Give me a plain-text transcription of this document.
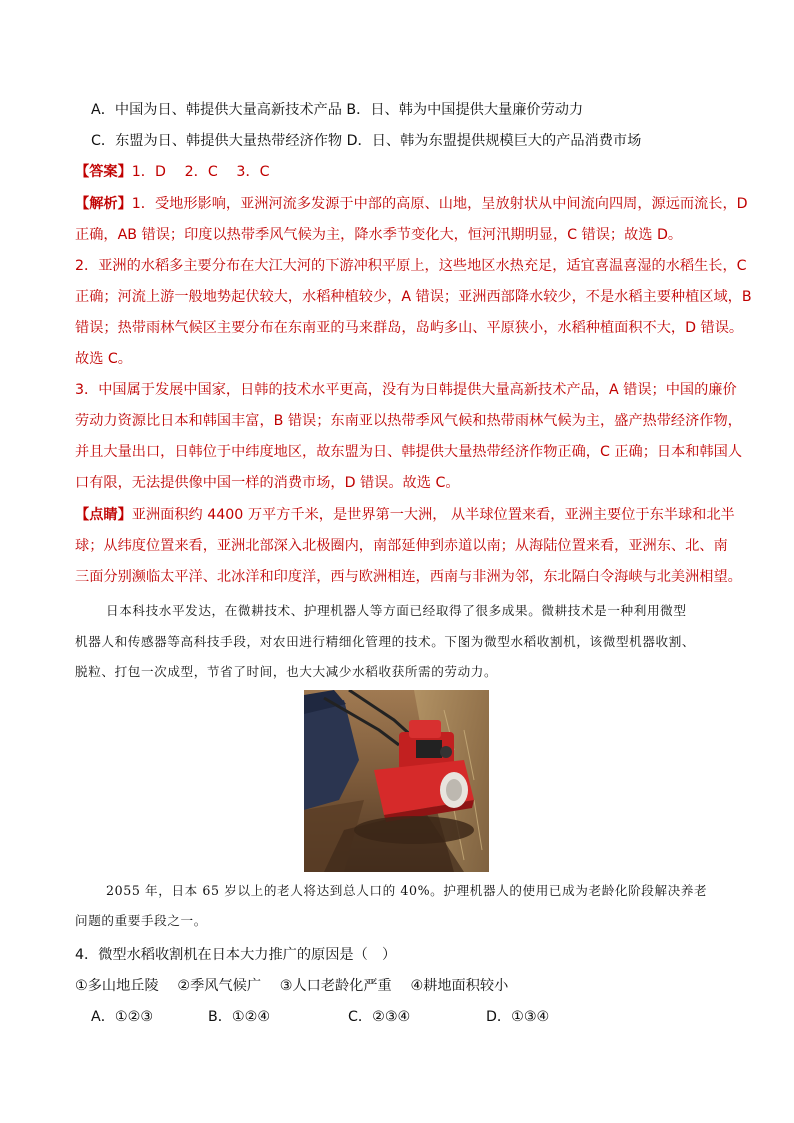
A．中国为日、韩提供大量高新技术产品 B．日、韩为中国提供大量廉价劳动力
C．东盟为日、韩提供大量热带经济作物 D．日、韩为东盟提供规模巨大的产品消费市场
【答案】1．D　 2．C　 3．C
【解析】1．受地形影响，亚洲河流多发源于中部的高原、山地，呈放射状从中间流向四周，源远而流长，D
正确，AB 错误；印度以热带季风气候为主，降水季节变化大，恒河汛期明显，C 错误；故选 D。
2．亚洲的水稻多主要分布在大江大河的下游冲积平原上，这些地区水热充足，适宜喜温喜湿的水稻生长，C
正确；河流上游一般地势起伏较大，水稻种植较少，A 错误；亚洲西部降水较少，不是水稻主要种植区域，B
错误；热带雨林气候区主要分布在东南亚的马来群岛，岛屿多山、平原狭小，水稻种植面积不大，D 错误。
故选 C。
3．中国属于发展中国家，日韩的技术水平更高，没有为日韩提供大量高新技术产品，A 错误；中国的廉价
劳动力资源比日本和韩国丰富，B 错误；东南亚以热带季风气候和热带雨林气候为主，盛产热带经济作物，
并且大量出口，日韩位于中纬度地区，故东盟为日、韩提供大量热带经济作物正确，C 正确；日本和韩国人
口有限，无法提供像中国一样的消费市场，D 错误。故选 C。
【点睛】亚洲面积约 4400 万平方千米，是世界第一大洲， 从半球位置来看，亚洲主要位于东半球和北半
球；从纬度位置来看，亚洲北部深入北极圈内，南部延伸到赤道以南；从海陆位置来看，亚洲东、北、南
三面分别濒临太平洋、北冰洋和印度洋，西与欧洲相连，西南与非洲为邻，东北隔白令海峡与北美洲相望。
日本科技水平发达，在微耕技术、护理机器人等方面已经取得了很多成果。微耕技术是一种利用微型
机器人和传感器等高科技手段，对农田进行精细化管理的技术。下图为微型水稻收割机，该微型机器收割、
脱粒、打包一次成型，节省了时间，也大大减少水稻收获所需的劳动力。
2055 年，日本 65 岁以上的老人将达到总人口的 40%。护理机器人的使用已成为老龄化阶段解决养老
问题的重要手段之一。
4．微型水稻收割机在日本大力推广的原因是（　）
①多山地丘陵　 ②季风气候广　 ③人口老龄化严重　 ④耕地面积较小
A．①②③	B．①②④	C．②③④	D．①③④
